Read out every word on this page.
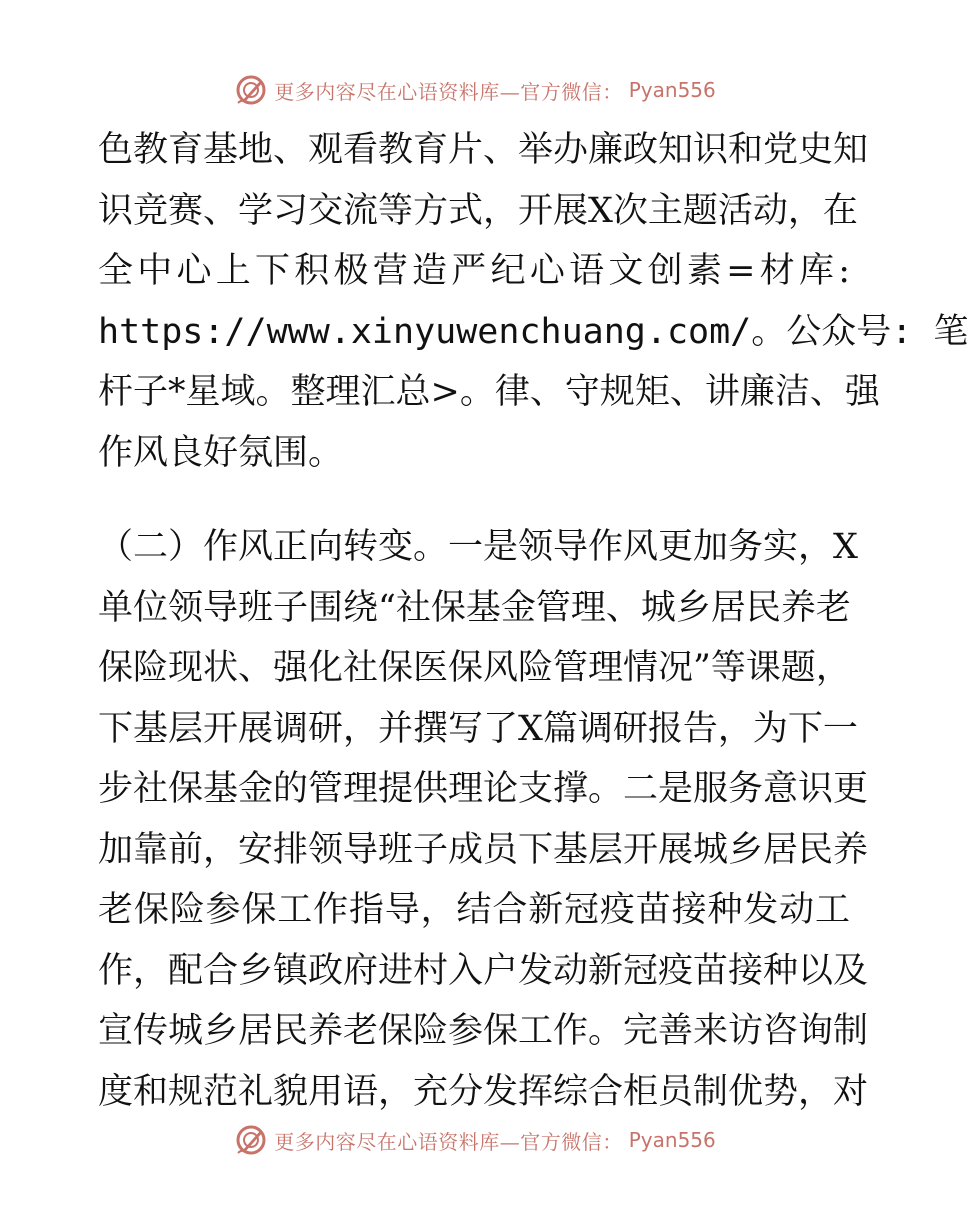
更多内容尽在心语资料库—官方微信： Pyan556
色教育基地、观看教育片、举办廉政知识和党史知
识竞赛、学习交流等方式，开展X次主题活动，在
全中心上下积极营造严纪心语文创素=材库:
https://www.xinyuwenchuang.com/。公众号: 笔
杆子*星域。整理汇总>。律、守规矩、讲廉洁、强
作风良好氛围。
（二）作风正向转变。一是领导作风更加务实，X
单位领导班子围绕“社保基金管理、城乡居民养老
保险现状、强化社保医保风险管理情况”等课题，
下基层开展调研，并撰写了X篇调研报告，为下一
步社保基金的管理提供理论支撑。二是服务意识更
加靠前，安排领导班子成员下基层开展城乡居民养
老保险参保工作指导，结合新冠疫苗接种发动工
作，配合乡镇政府进村入户发动新冠疫苗接种以及
宣传城乡居民养老保险参保工作。完善来访咨询制
度和规范礼貌用语，充分发挥综合柜员制优势，对
更多内容尽在心语资料库—官方微信： Pyan556
